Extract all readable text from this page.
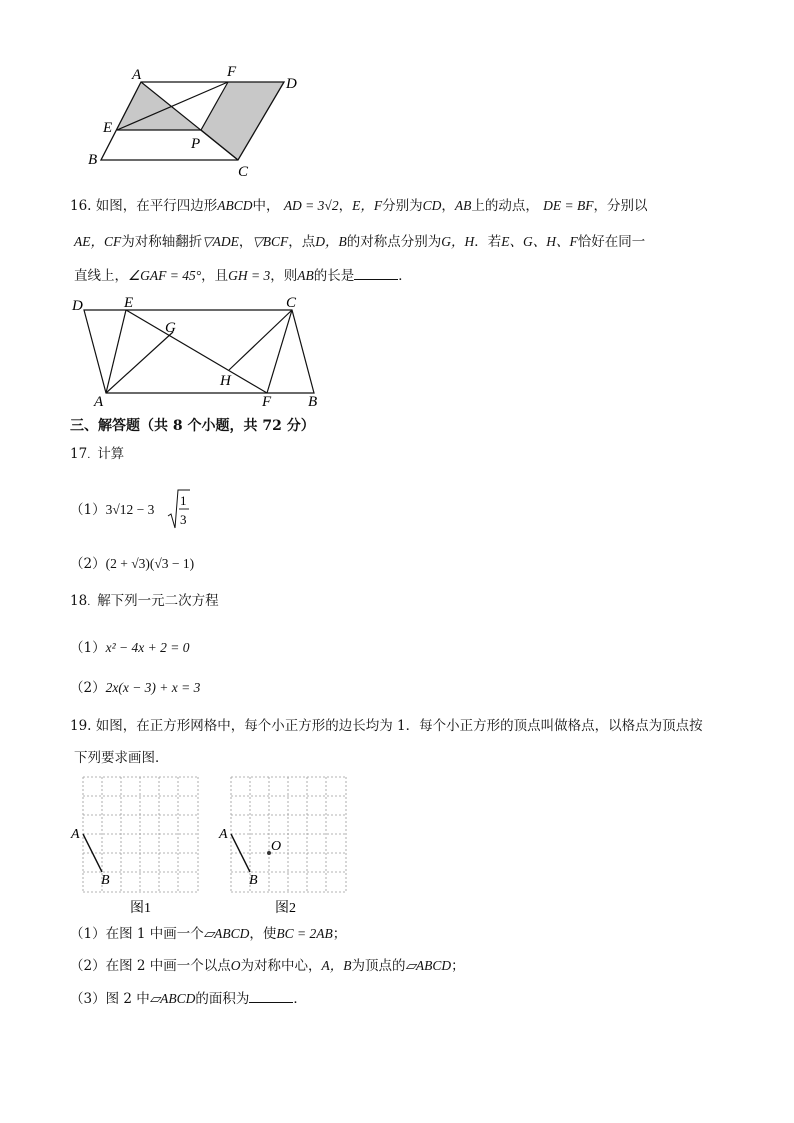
A	F
D
E
P
B
C
16. 如图，在平行四边形ABCD中， AD = 3√2，E，F分别为CD，AB上的动点， DE = BF，分别以
AE，CF为对称轴翻折▽ADE，▽BCF，点D，B的对称点分别为G，H．若E、G、H、F恰好在同一
直线上，∠GAF = 45°，且GH = 3，则AB的长是	．
D	E	C
G
H
A	F B
三、解答题（共 8 个小题，共 72 分）
17．计算
（1）3√12 − 3
1
3
（2）(2 + √3)(√3 − 1)
18．解下列一元二次方程
（1）x² − 4x + 2 = 0
（2）2x(x − 3) + x = 3
19. 如图，在正方形网格中，每个小正方形的边长均为 1．每个小正方形的顶点叫做格点，以格点为顶点按
下列要求画图．
A
B
图1
A
B
O
图2
（1）在图 1 中画一个▱ABCD，使BC = 2AB；
（2）在图 2 中画一个以点O为对称中心，A，B为顶点的▱ABCD；
（3）图 2 中▱ABCD的面积为	．
